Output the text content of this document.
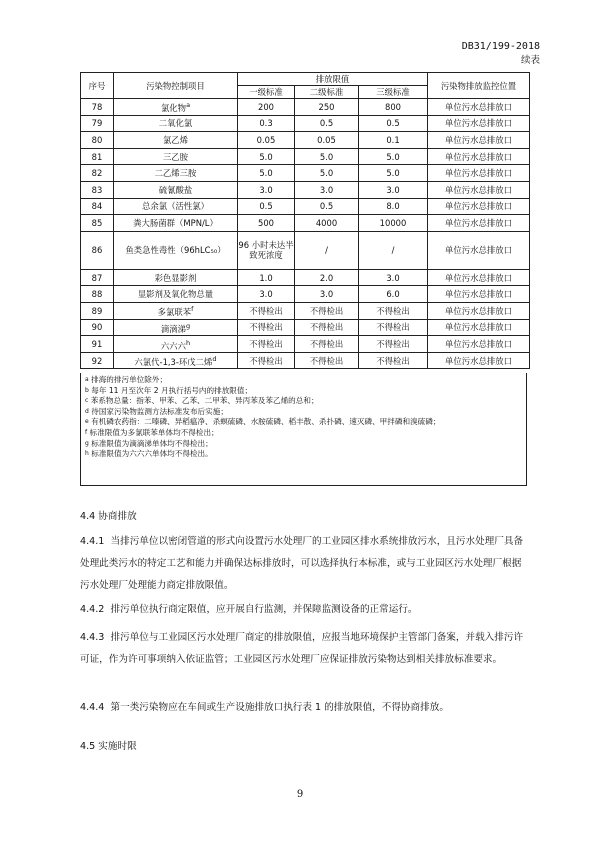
DB31/199-2018
续表
序号	污染物控制项目	排放限值			污染物排放监控位置
		一级标准	二级标准	三级标准	
78	氯化物$^a$	200	250	800	单位污水总排放口
79	二氧化氯	0.3	0.5	0.5	单位污水总排放口
80	氯乙烯	0.05	0.05	0.1	单位污水总排放口
81	三乙胺	5.0	5.0	5.0	单位污水总排放口
82	二乙烯三胺	5.0	5.0	5.0	单位污水总排放口
83	硫氰酸盐	3.0	3.0	3.0	单位污水总排放口
84	总余氯（活性氯）	0.5	0.5	8.0	单位污水总排放口
85	粪大肠菌群（MPN/L）	500	4000	10000	单位污水总排放口
86	鱼类急性毒性（96hLC₅₀）	96 小时未达半致死浓度	/	/	单位污水总排放口
87	彩色显影剂	1.0	2.0	3.0	单位污水总排放口
88	显影剂及氧化物总量	3.0	3.0	6.0	单位污水总排放口
89	多氯联苯$^f$	不得检出	不得检出	不得检出	单位污水总排放口
90	滴滴涕$^g$	不得检出	不得检出	不得检出	单位污水总排放口
91	六六六$^h$	不得检出	不得检出	不得检出	单位污水总排放口
92	六氯代-1,3-环戊二烯$^d$	不得检出	不得检出	不得检出	单位污水总排放口
$^a$ 排海的排污单位除外；
$^b$ 每年 11 月至次年 2 月执行括号内的排放限值；
$^c$ 苯系物总量：指苯、甲苯、乙苯、二甲苯、异丙苯及苯乙烯的总和；
$^d$ 待国家污染物监测方法标准发布后实施；
$^e$ 有机磷农药指：二嗪磷、异稻瘟净、杀螟硫磷、水胺硫磷、稻丰散、杀扑磷、速灭磷、甲拌磷和溴硫磷；
$^f$ 标准限值为多氯联苯单体均不得检出；
$^g$ 标准限值为滴滴涕单体均不得检出；
$^h$ 标准限值为六六六单体均不得检出。
4.4 协商排放
4.4.1 当排污单位以密闭管道的形式向设置污水处理厂的工业园区排水系统排放污水，且污水处理厂具备处理此类污水的特定工艺和能力并确保达标排放时，可以选择执行本标准，或与工业园区污水处理厂根据污水处理厂处理能力商定排放限值。
4.4.2 排污单位执行商定限值，应开展自行监测，并保障监测设备的正常运行。
4.4.3 排污单位与工业园区污水处理厂商定的排放限值，应报当地环境保护主管部门备案，并载入排污许可证，作为许可事项纳入依证监管；工业园区污水处理厂应保证排放污染物达到相关排放标准要求。
4.4.4 第一类污染物应在车间或生产设施排放口执行表 1 的排放限值，不得协商排放。
4.5 实施时限
9
